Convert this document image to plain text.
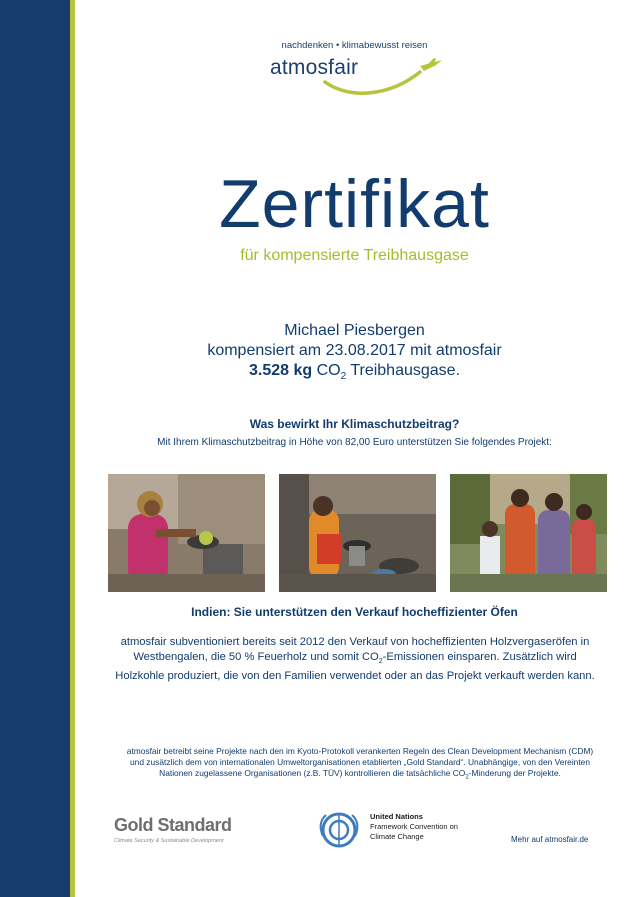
nachdenken • klimabewusst reisen
atmosfair
Zertifikat
für kompensierte Treibhausgase
Michael Piesbergen
kompensiert am 23.08.2017 mit atmosfair
3.528 kg $CO_2$ Treibhausgase.
Was bewirkt Ihr Klimaschutzbeitrag?
Mit Ihrem Klimaschutzbeitrag in Höhe von 82,00 Euro unterstützen Sie folgendes Projekt:
Indien: Sie unterstützen den Verkauf hocheffizienter Öfen
atmosfair subventioniert bereits seit 2012 den Verkauf von hocheffizienten Holzvergaseröfen in Westbengalen, die 50 % Feuerholz und somit $CO_2$-Emissionen einsparen. Zusätzlich wird Holzkohle produziert, die von den Familien verwendet oder an das Projekt verkauft werden kann.
atmosfair betreibt seine Projekte nach den im Kyoto-Protokoll verankerten Regeln des Clean Development Mechanism (CDM) und zusätzlich dem von internationalen Umweltorganisationen etablierten „Gold Standard“. Unabhängige, von den Vereinten Nationen zugelassene Organisationen (z.B. TÜV) kontrollieren die tatsächliche $CO_2$-Minderung der Projekte.
Gold Standard
Climate Security & Sustainable Development
United Nations
Framework Convention on
Climate Change	Mehr auf atmosfair.de
